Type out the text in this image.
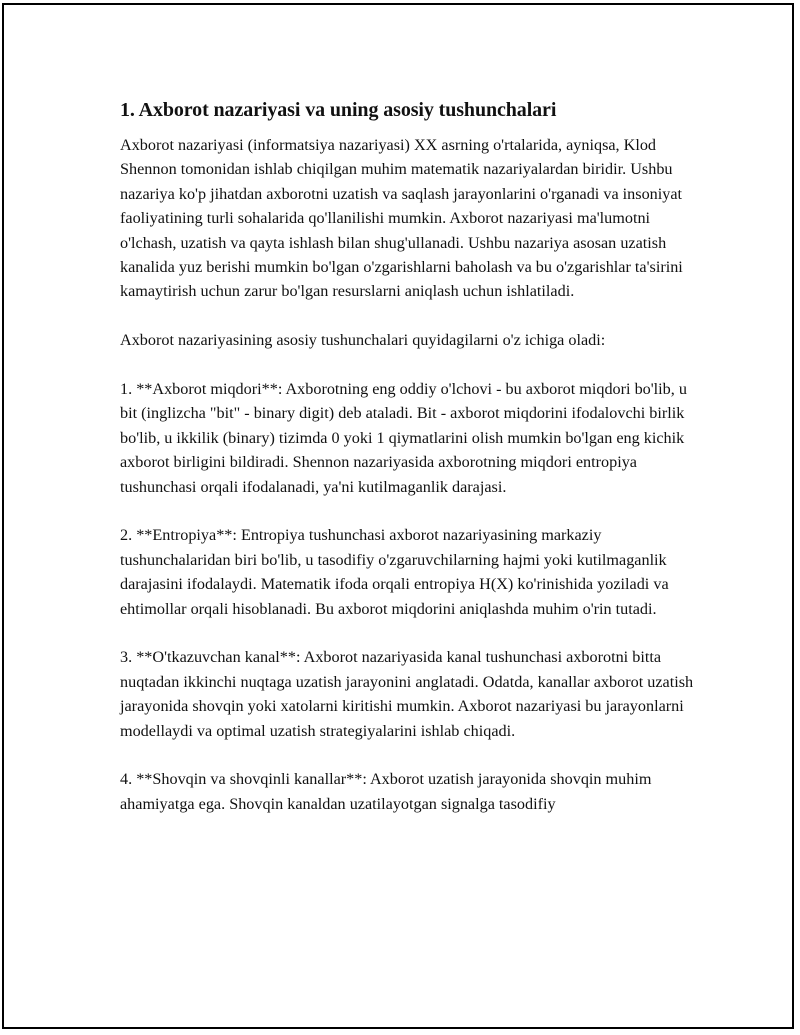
1. Axborot nazariyasi va uning asosiy tushunchalari

Axborot nazariyasi (informatsiya nazariyasi) XX asrning o'rtalarida, ayniqsa, Klod Shennon tomonidan ishlab chiqilgan muhim matematik nazariyalardan biridir. Ushbu nazariya ko'p jihatdan axborotni uzatish va saqlash jarayonlarini o'rganadi va insoniyat faoliyatining turli sohalarida qo'llanilishi mumkin. Axborot nazariyasi ma'lumotni o'lchash, uzatish va qayta ishlash bilan shug'ullanadi. Ushbu nazariya asosan uzatish kanalida yuz berishi mumkin bo'lgan o'zgarishlarni baholash va bu o'zgarishlar ta'sirini kamaytirish uchun zarur bo'lgan resurslarni aniqlash uchun ishlatiladi.

Axborot nazariyasining asosiy tushunchalari quyidagilarni o'z ichiga oladi:

1. **Axborot miqdori**: Axborotning eng oddiy o'lchovi - bu axborot miqdori bo'lib, u bit (inglizcha "bit" - binary digit) deb ataladi. Bit - axborot miqdorini ifodalovchi birlik bo'lib, u ikkilik (binary) tizimda 0 yoki 1 qiymatlarini olish mumkin bo'lgan eng kichik axborot birligini bildiradi. Shennon nazariyasida axborotning miqdori entropiya tushunchasi orqali ifodalanadi, ya'ni kutilmaganlik darajasi.

2. **Entropiya**: Entropiya tushunchasi axborot nazariyasining markaziy tushunchalaridan biri bo'lib, u tasodifiy o'zgaruvchilarning hajmi yoki kutilmaganlik darajasini ifodalaydi. Matematik ifoda orqali entropiya H(X) ko'rinishida yoziladi va ehtimollar orqali hisoblanadi. Bu axborot miqdorini aniqlashda muhim o'rin tutadi.

3. **O'tkazuvchan kanal**: Axborot nazariyasida kanal tushunchasi axborotni bitta nuqtadan ikkinchi nuqtaga uzatish jarayonini anglatadi. Odatda, kanallar axborot uzatish jarayonida shovqin yoki xatolarni kiritishi mumkin. Axborot nazariyasi bu jarayonlarni modellaydi va optimal uzatish strategiyalarini ishlab chiqadi.

4. **Shovqin va shovqinli kanallar**: Axborot uzatish jarayonida shovqin muhim ahamiyatga ega. Shovqin kanaldan uzatilayotgan signalga tasodifiy
